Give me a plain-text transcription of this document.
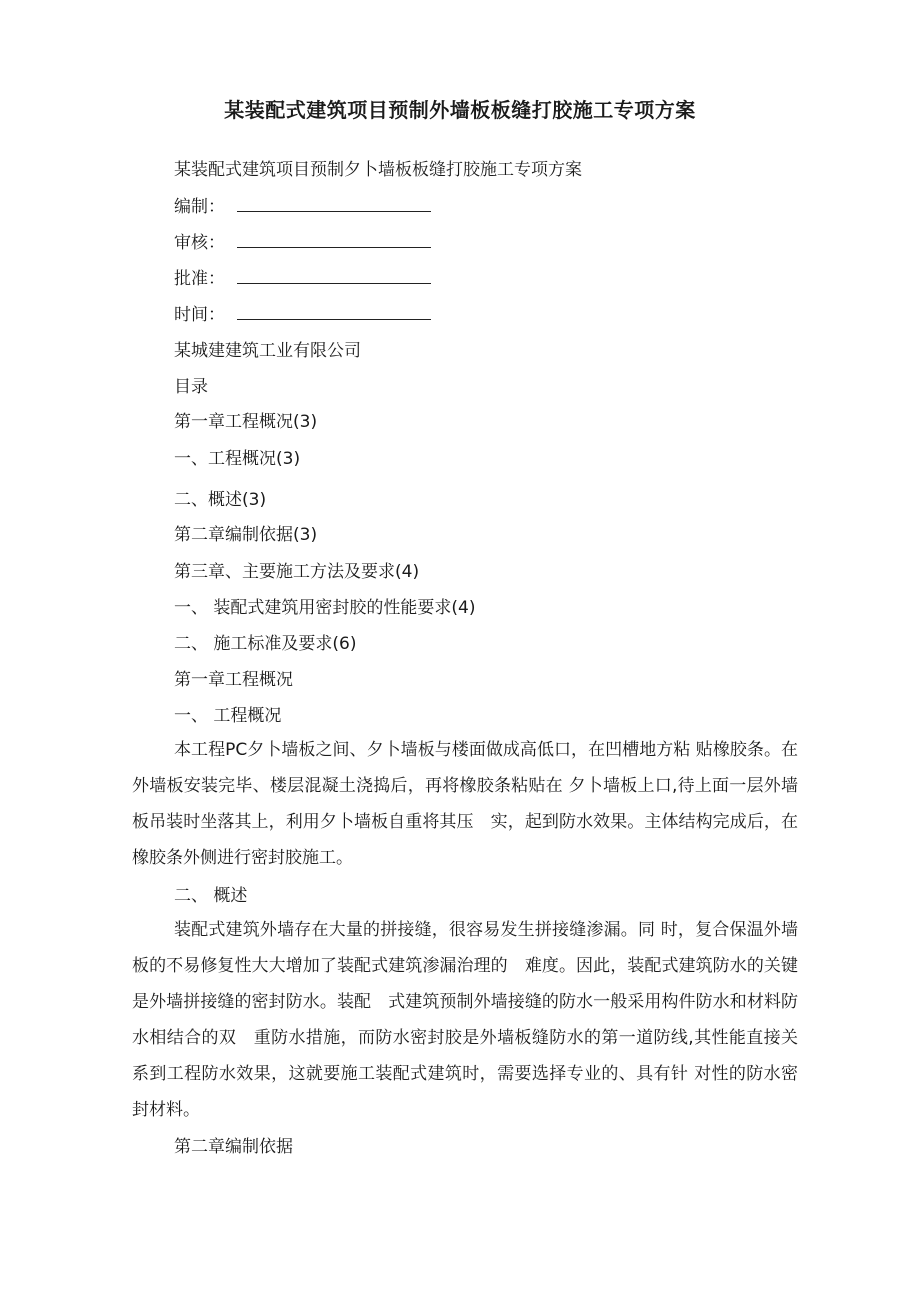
某装配式建筑项目预制外墙板板缝打胶施工专项方案
某装配式建筑项目预制夕卜墙板板缝打胶施工专项方案
编制：
审核：
批准：
时间：
某城建建筑工业有限公司
目录
第一章工程概况(3)
一、工程概况(3)
二、概述(3)
第二章编制依据(3)
第三章、主要施工方法及要求(4)
一、 装配式建筑用密封胶的性能要求(4)
二、 施工标准及要求(6)
第一章工程概况
一、 工程概况

本工程PC夕卜墙板之间、夕卜墙板与楼面做成高低口，在凹槽地方粘 贴橡胶条。在外墙板安装完毕、楼层混凝土浇捣后，再将橡胶条粘贴在 夕卜墙板上口,待上面一层外墙板吊装时坐落其上，利用夕卜墙板自重将其压　实，起到防水效果。主体结构完成后，在橡胶条外侧进行密封胶施工。

二、 概述

装配式建筑外墙存在大量的拼接缝，很容易发生拼接缝渗漏。同 时，复合保温外墙板的不易修复性大大增加了装配式建筑渗漏治理的　难度。因此，装配式建筑防水的关键是外墙拼接缝的密封防水。装配　式建筑预制外墙接缝的防水一般采用构件防水和材料防水相结合的双　重防水措施，而防水密封胶是外墙板缝防水的第一道防线,其性能直接关 系到工程防水效果，这就要施工装配式建筑时，需要选择专业的、具有针 对性的防水密封材料。

第二章编制依据
